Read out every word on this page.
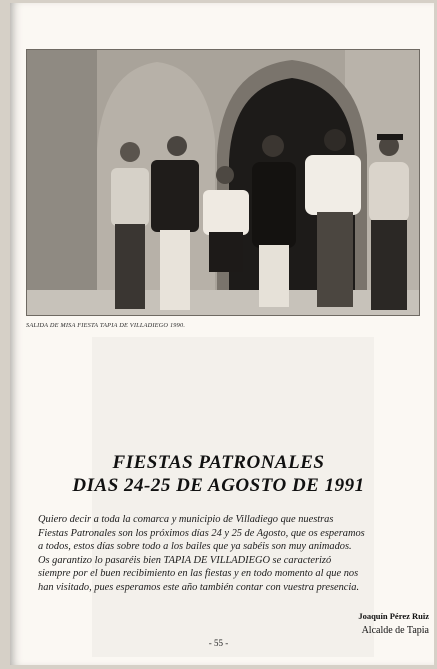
SALIDA DE MISA FIESTA TAPIA DE VILLADIEGO 1990.
FIESTAS PATRONALES
DIAS 24-25 DE AGOSTO DE 1991
Quiero decir a toda la comarca y municipio de Villadiego que nuestras
Fiestas Patronales son los próximos días 24 y 25 de Agosto, que os esperamos
a todos, estos días sobre todo a los bailes que ya sabéis son muy animados.
Os garantizo lo pasaréis bien TAPIA DE VILLADIEGO se caracterizó
siempre por el buen recibimiento en las fiestas y en todo momento al que nos
han visitado, pues esperamos este año también contar con vuestra presencia.
Joaquín Pérez Ruiz
Alcalde de Tapia
- 55 -
